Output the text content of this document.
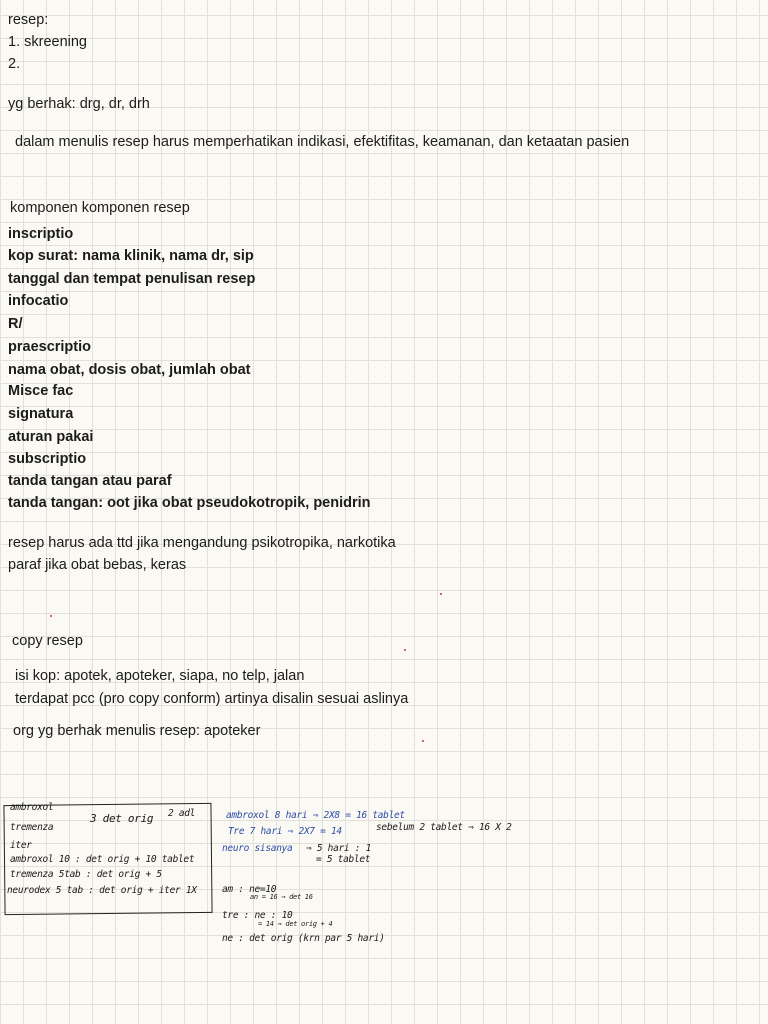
resep:
1. skreening
2.
yg berhak: drg, dr, drh
dalam menulis resep harus memperhatikan indikasi, efektifitas, keamanan, dan ketaatan pasien
komponen komponen resep
inscriptio
kop surat: nama klinik, nama dr, sip
tanggal dan tempat penulisan resep
infocatio
R/
praescriptio
nama obat, dosis obat, jumlah obat
Misce fac
signatura
aturan pakai
subscriptio
tanda tangan atau paraf
tanda tangan: oot jika obat pseudokotropik, penidrin
resep harus ada ttd jika mengandung psikotropika, narkotika
paraf jika obat bebas, keras
copy resep
isi kop: apotek, apoteker, siapa, no telp, jalan
terdapat pcc (pro copy conform) artinya disalin sesuai aslinya
org yg berhak menulis resep: apoteker
ambroxol
tremenza
3 det orig 2 adl
iter
ambroxol 10 : det orig + 10 tablet
tremenza 5tab : det orig + 5
neurodex 5 tab : det orig + iter 1X
ambroxol 8 hari ⇒ 2X8 = 16 tablet
Tre 7 hari ⇒ 2X7 = 14
neuro sisanya
sebelum 2 tablet ⇒ 16 X 2
⇒ 5 hari : 1
= 5 tablet
am : ne=10
an = 16 ⇒ det 16
tre : ne : 10
= 14 ⇒ det orig + 4
ne : det orig (krn par 5 hari)
